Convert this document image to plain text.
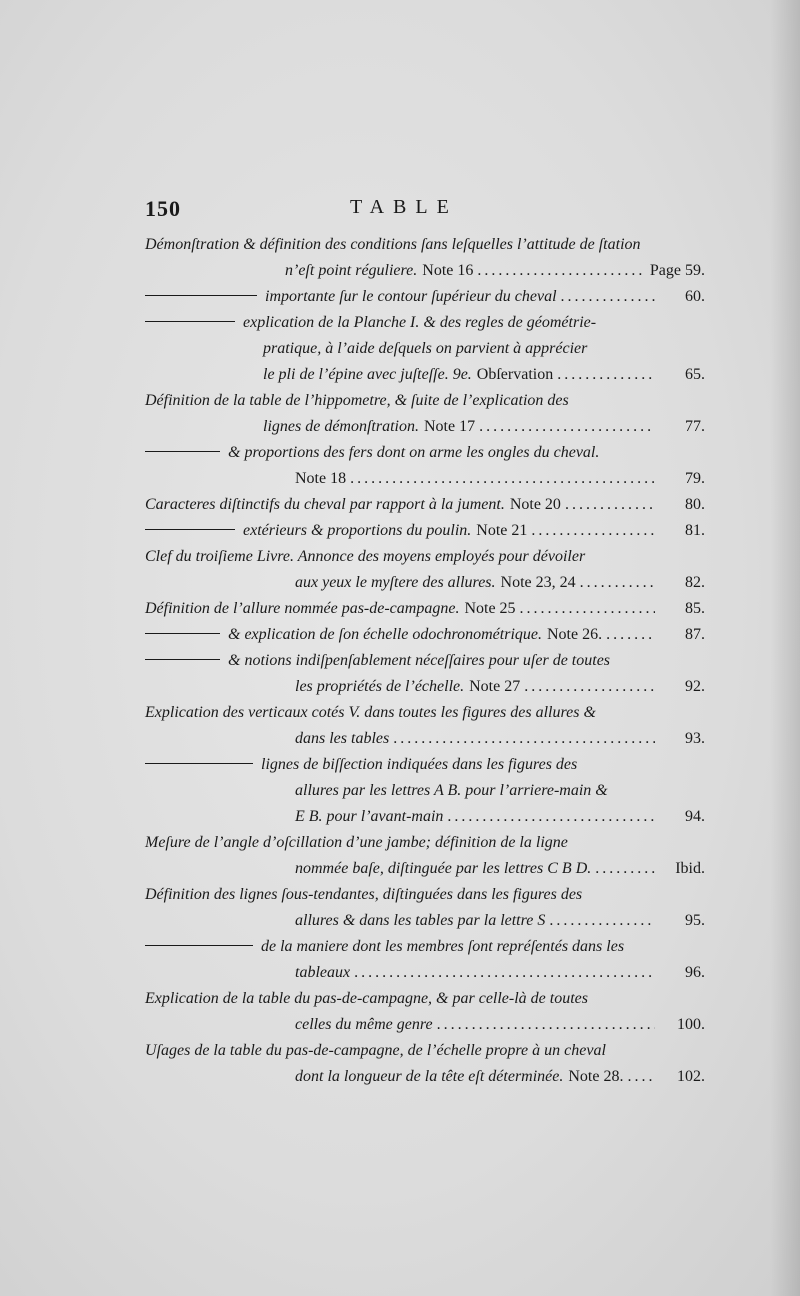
150	TABLE
Démonſtration & définition des conditions ſans leſquelles l’attitude de ſtation
n’eſt point réguliere. Note 16 .....	Page 59.
importante ſur le contour ſupérieur du cheval .....	60.
explication de la Planche I. & des regles de géométrie-
pratique, à l’aide deſquels on parvient à apprécier
le pli de l’épine avec juſteſſe. 9e. Obſervation .....	65.
Définition de la table de l’hippometre, & ſuite de l’explication des
lignes de démonſtration. Note 17 .....	77.
& proportions des fers dont on arme les ongles du cheval.
Note 18 .....	79.
Caracteres diſtinctifs du cheval par rapport à la jument. Note 20 .....	80.
extérieurs & proportions du poulin. Note 21 .....	81.
Clef du troiſieme Livre. Annonce des moyens employés pour dévoiler
aux yeux le myſtere des allures. Note 23, 24 .....	82.
Définition de l’allure nommée pas-de-campagne. Note 25 .....	85.
& explication de ſon échelle odochronométrique. Note 26. .....	87.
& notions indiſpenſablement néceſſaires pour uſer de toutes
les propriétés de l’échelle. Note 27 .....	92.
Explication des verticaux cotés V. dans toutes les figures des allures &
dans les tables .....	93.
lignes de biſſection indiquées dans les figures des
allures par les lettres A B. pour l’arriere-main &
E B. pour l’avant-main .....	94.
Meſure de l’angle d’oſcillation d’une jambe; définition de la ligne
nommée baſe, diſtinguée par les lettres C B D. .....	Ibid.
Définition des lignes ſous-tendantes, diſtinguées dans les figures des
allures & dans les tables par la lettre S .....	95.
de la maniere dont les membres ſont repréſentés dans les
tableaux .....	96.
Explication de la table du pas-de-campagne, & par celle-là de toutes
celles du même genre .....	100.
Uſages de la table du pas-de-campagne, de l’échelle propre à un cheval
dont la longueur de la tête eſt déterminée. Note 28. .....	102.
